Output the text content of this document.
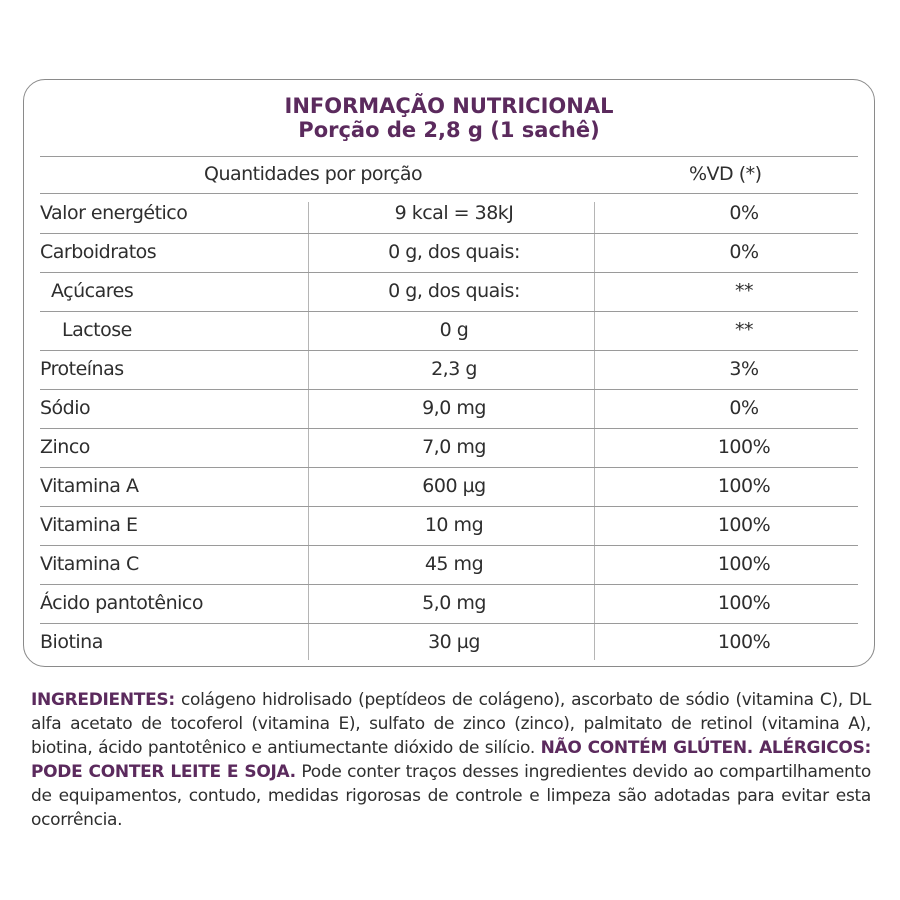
INFORMAÇÃO NUTRICIONAL
Porção de 2,8 g (1 sachê)
Quantidades por porção	%VD (*)
Valor energético	9 kcal = 38kJ	0%
Carboidratos	0 g, dos quais:	0%
Açúcares	0 g, dos quais:	**
Lactose	0 g	**
Proteínas	2,3 g	3%
Sódio	9,0 mg	0%
Zinco	7,0 mg	100%
Vitamina A	600 µg	100%
Vitamina E	10 mg	100%
Vitamina C	45 mg	100%
Ácido pantotênico	5,0 mg	100%
Biotina	30 µg	100%
INGREDIENTES: colágeno hidrolisado (peptídeos de colágeno), ascorbato de sódio (vitamina C), DL alfa acetato de tocoferol (vitamina E), sulfato de zinco (zinco), palmitato de retinol (vitamina A), biotina, ácido pantotênico e antiumectante dióxido de silício. NÃO CONTÉM GLÚTEN. ALÉRGICOS: PODE CONTER LEITE E SOJA. Pode conter traços desses ingredientes devido ao compartilhamento de equipamentos, contudo, medidas rigorosas de controle e limpeza são adotadas para evitar esta ocorrência.
